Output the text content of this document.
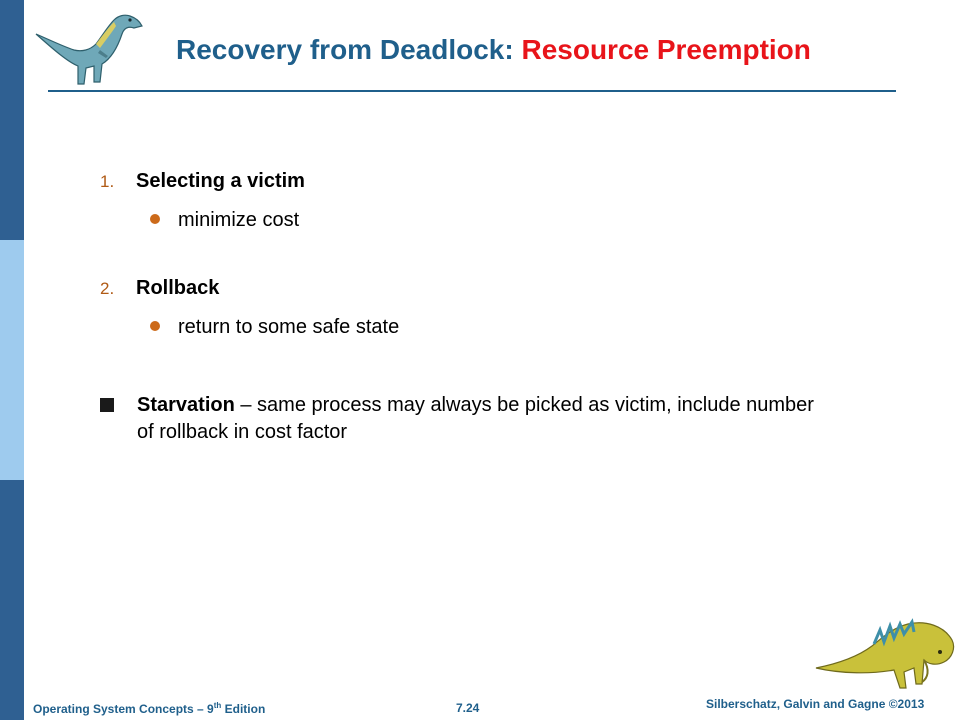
Recovery from Deadlock: Resource Preemption
1. Selecting a victim
minimize cost
2. Rollback
return to some safe state
Starvation – same process may always be picked as victim, include number of rollback in cost factor
Operating System Concepts – 9th Edition	7.24	Silberschatz, Galvin and Gagne ©2013
